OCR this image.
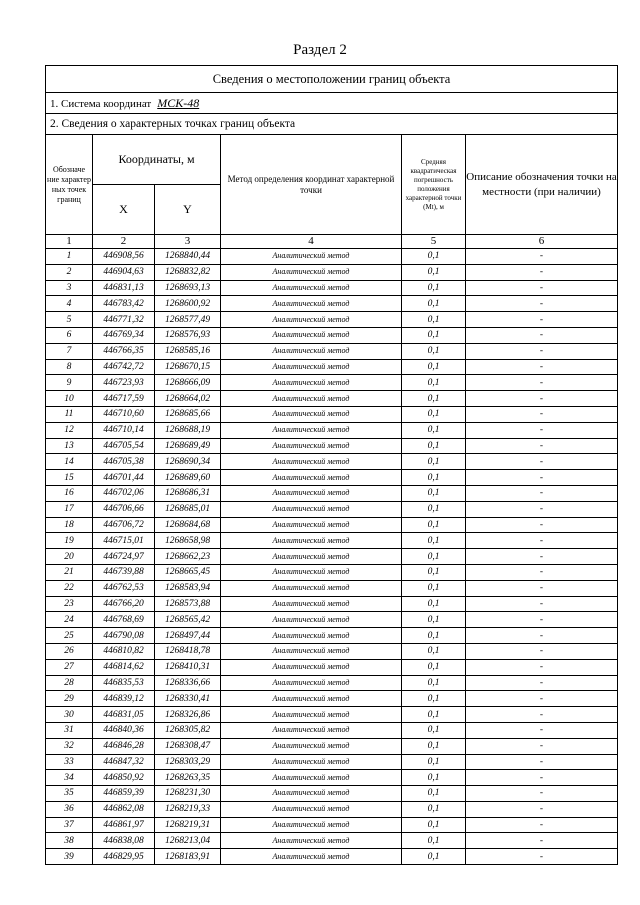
Раздел 2
Сведения о местоположении границ объекта					
1. Система координат МСК-48					
2. Сведения о характерных точках границ объекта					
Обозначе ние характер ных точек границ	Координаты, м		Метод определения координат характерной точки	Средняя квадратическая погрешность положения характерной точки (Mt), м	Описание обозначения точки на местности (при наличии)
	X	Y			
1	2	3	4	5	6
1	446908,56	1268840,44	Аналитический метод	0,1	-
2	446904,63	1268832,82	Аналитический метод	0,1	-
3	446831,13	1268693,13	Аналитический метод	0,1	-
4	446783,42	1268600,92	Аналитический метод	0,1	-
5	446771,32	1268577,49	Аналитический метод	0,1	-
6	446769,34	1268576,93	Аналитический метод	0,1	-
7	446766,35	1268585,16	Аналитический метод	0,1	-
8	446742,72	1268670,15	Аналитический метод	0,1	-
9	446723,93	1268666,09	Аналитический метод	0,1	-
10	446717,59	1268664,02	Аналитический метод	0,1	-
11	446710,60	1268685,66	Аналитический метод	0,1	-
12	446710,14	1268688,19	Аналитический метод	0,1	-
13	446705,54	1268689,49	Аналитический метод	0,1	-
14	446705,38	1268690,34	Аналитический метод	0,1	-
15	446701,44	1268689,60	Аналитический метод	0,1	-
16	446702,06	1268686,31	Аналитический метод	0,1	-
17	446706,66	1268685,01	Аналитический метод	0,1	-
18	446706,72	1268684,68	Аналитический метод	0,1	-
19	446715,01	1268658,98	Аналитический метод	0,1	-
20	446724,97	1268662,23	Аналитический метод	0,1	-
21	446739,88	1268665,45	Аналитический метод	0,1	-
22	446762,53	1268583,94	Аналитический метод	0,1	-
23	446766,20	1268573,88	Аналитический метод	0,1	-
24	446768,69	1268565,42	Аналитический метод	0,1	-
25	446790,08	1268497,44	Аналитический метод	0,1	-
26	446810,82	1268418,78	Аналитический метод	0,1	-
27	446814,62	1268410,31	Аналитический метод	0,1	-
28	446835,53	1268336,66	Аналитический метод	0,1	-
29	446839,12	1268330,41	Аналитический метод	0,1	-
30	446831,05	1268326,86	Аналитический метод	0,1	-
31	446840,36	1268305,82	Аналитический метод	0,1	-
32	446846,28	1268308,47	Аналитический метод	0,1	-
33	446847,32	1268303,29	Аналитический метод	0,1	-
34	446850,92	1268263,35	Аналитический метод	0,1	-
35	446859,39	1268231,30	Аналитический метод	0,1	-
36	446862,08	1268219,33	Аналитический метод	0,1	-
37	446861,97	1268219,31	Аналитический метод	0,1	-
38	446838,08	1268213,04	Аналитический метод	0,1	-
39	446829,95	1268183,91	Аналитический метод	0,1	-
